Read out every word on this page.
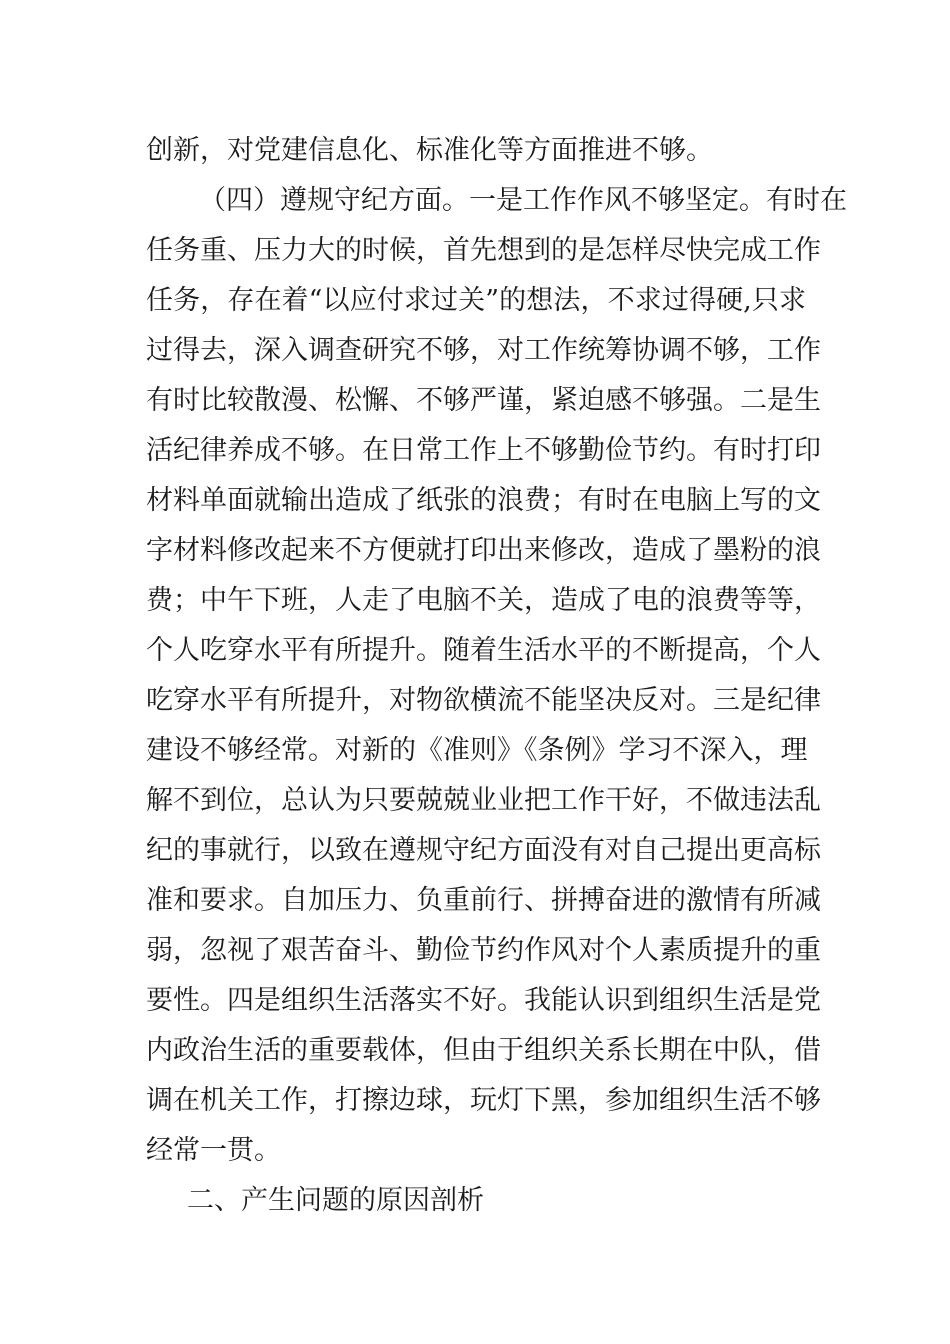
创新，对党建信息化、标准化等方面推进不够。

（四）遵规守纪方面。一是工作作风不够坚定。有时在

任务重、压力大的时候，首先想到的是怎样尽快完成工作

任务，存在着“以应付求过关”的想法，不求过得硬,只求

过得去，深入调查研究不够，对工作统筹协调不够，工作

有时比较散漫、松懈、不够严谨，紧迫感不够强。二是生

活纪律养成不够。在日常工作上不够勤俭节约。有时打印

材料单面就输出造成了纸张的浪费；有时在电脑上写的文

字材料修改起来不方便就打印出来修改，造成了墨粉的浪

费；中午下班，人走了电脑不关，造成了电的浪费等等，

个人吃穿水平有所提升。随着生活水平的不断提高，个人

吃穿水平有所提升，对物欲横流不能坚决反对。三是纪律

建设不够经常。对新的《准则》《条例》学习不深入，理

解不到位，总认为只要兢兢业业把工作干好，不做违法乱

纪的事就行，以致在遵规守纪方面没有对自己提出更高标

准和要求。自加压力、负重前行、拼搏奋进的激情有所减

弱，忽视了艰苦奋斗、勤俭节约作风对个人素质提升的重

要性。四是组织生活落实不好。我能认识到组织生活是党

内政治生活的重要载体，但由于组织关系长期在中队，借

调在机关工作，打擦边球，玩灯下黑，参加组织生活不够

经常一贯。

二、产生问题的原因剖析
